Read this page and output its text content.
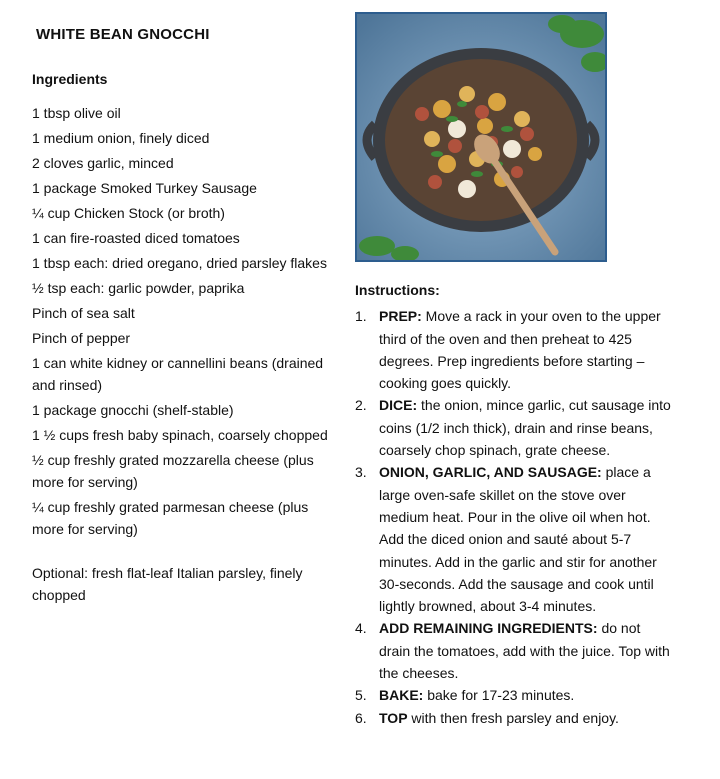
WHITE BEAN GNOCCHI
Ingredients
1 tbsp olive oil
1 medium onion, finely diced
2 cloves garlic, minced
1 package Smoked Turkey Sausage
¼ cup Chicken Stock (or broth)
1 can fire-roasted diced tomatoes
1 tbsp each: dried oregano, dried parsley flakes
½ tsp each: garlic powder, paprika
Pinch of sea salt
Pinch of pepper
1 can white kidney or cannellini beans (drained and rinsed)
1 package gnocchi (shelf-stable)
1 ½ cups fresh baby spinach, coarsely chopped
½ cup freshly grated mozzarella cheese (plus more for serving)
¼ cup freshly grated parmesan cheese (plus more for serving)
Optional: fresh flat-leaf Italian parsley, finely chopped
Instructions:
1. PREP: Move a rack in your oven to the upper third of the oven and then preheat to 425 degrees. Prep ingredients before starting – cooking goes quickly.
2. DICE: the onion, mince garlic, cut sausage into coins (1/2 inch thick), drain and rinse beans, coarsely chop spinach, grate cheese.
3. ONION, GARLIC, AND SAUSAGE: place a large oven-safe skillet on the stove over medium heat. Pour in the olive oil when hot. Add the diced onion and sauté about 5-7 minutes. Add in the garlic and stir for another 30-seconds. Add the sausage and cook until lightly browned, about 3-4 minutes.
4. ADD REMAINING INGREDIENTS: do not drain the tomatoes, add with the juice. Top with the cheeses.
5. BAKE: bake for 17-23 minutes.
6. TOP with then fresh parsley and enjoy.
